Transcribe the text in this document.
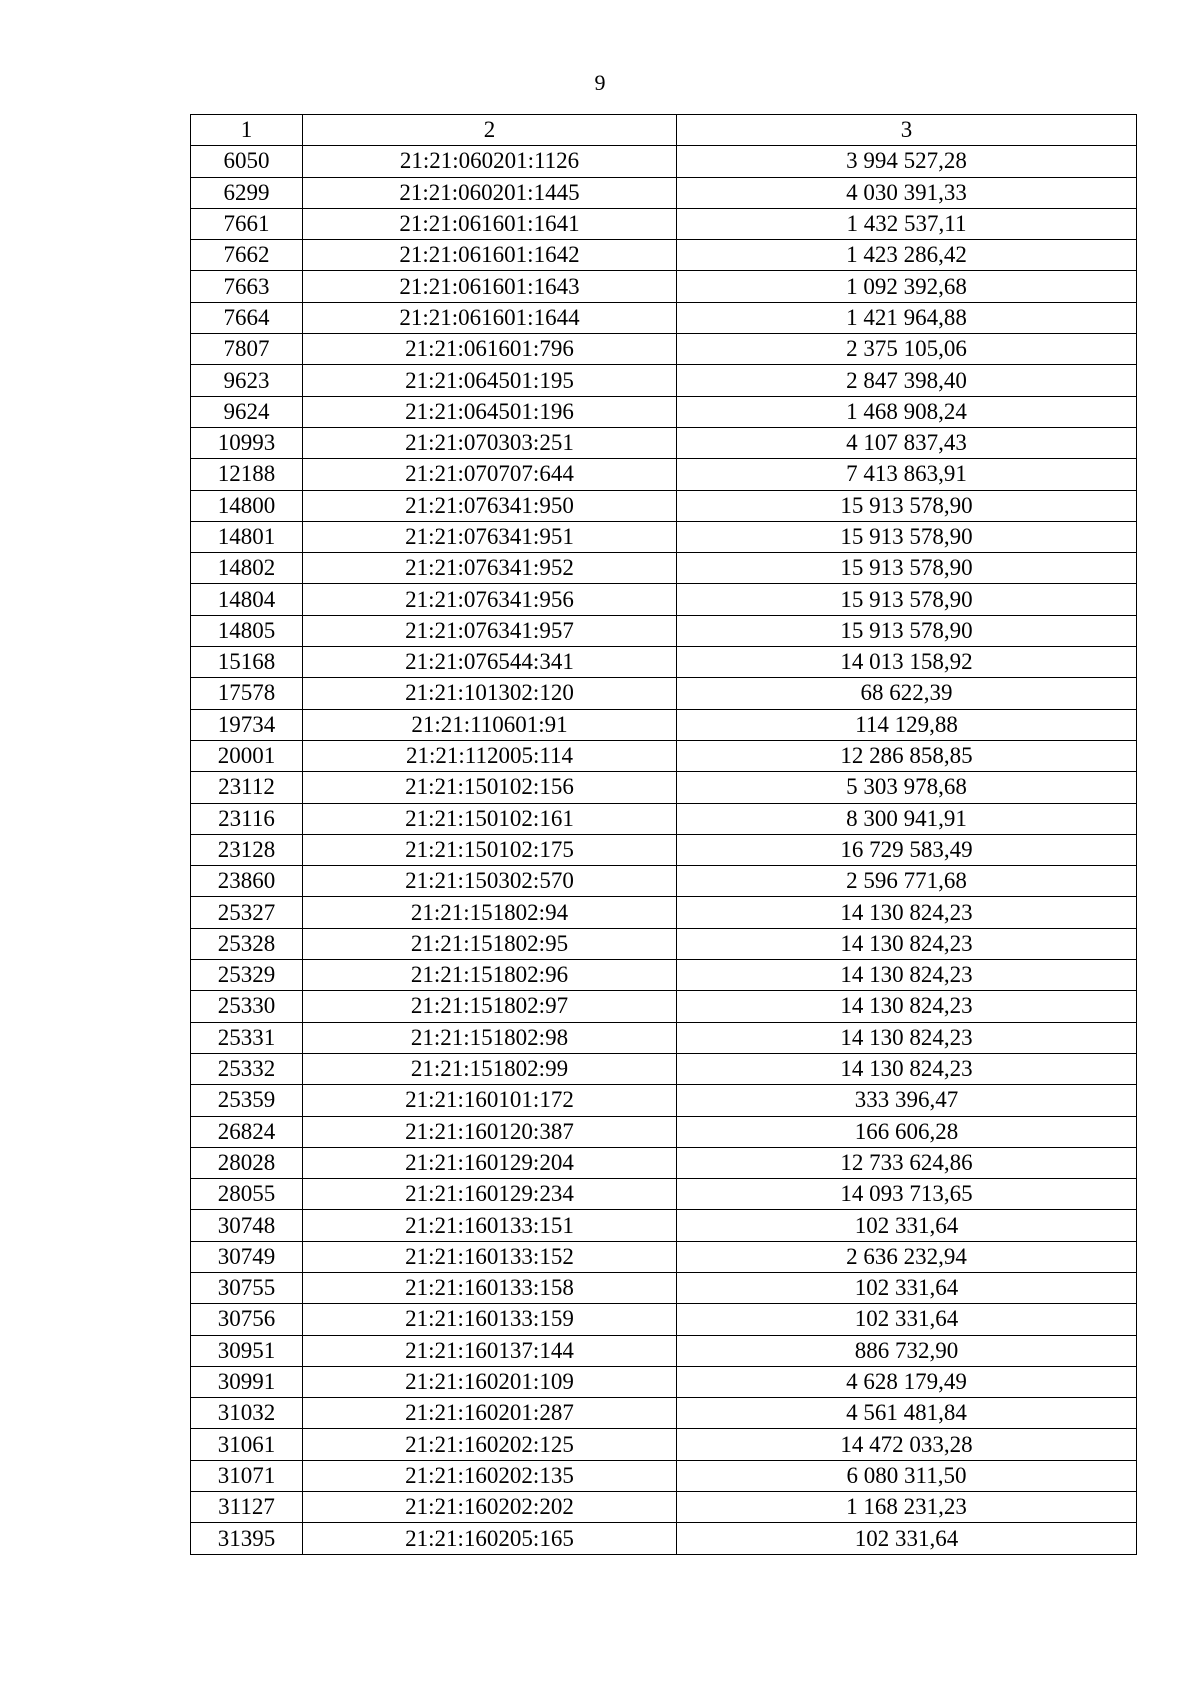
9
1	2	3
6050	21:21:060201:1126	3 994 527,28
6299	21:21:060201:1445	4 030 391,33
7661	21:21:061601:1641	1 432 537,11
7662	21:21:061601:1642	1 423 286,42
7663	21:21:061601:1643	1 092 392,68
7664	21:21:061601:1644	1 421 964,88
7807	21:21:061601:796	2 375 105,06
9623	21:21:064501:195	2 847 398,40
9624	21:21:064501:196	1 468 908,24
10993	21:21:070303:251	4 107 837,43
12188	21:21:070707:644	7 413 863,91
14800	21:21:076341:950	15 913 578,90
14801	21:21:076341:951	15 913 578,90
14802	21:21:076341:952	15 913 578,90
14804	21:21:076341:956	15 913 578,90
14805	21:21:076341:957	15 913 578,90
15168	21:21:076544:341	14 013 158,92
17578	21:21:101302:120	68 622,39
19734	21:21:110601:91	114 129,88
20001	21:21:112005:114	12 286 858,85
23112	21:21:150102:156	5 303 978,68
23116	21:21:150102:161	8 300 941,91
23128	21:21:150102:175	16 729 583,49
23860	21:21:150302:570	2 596 771,68
25327	21:21:151802:94	14 130 824,23
25328	21:21:151802:95	14 130 824,23
25329	21:21:151802:96	14 130 824,23
25330	21:21:151802:97	14 130 824,23
25331	21:21:151802:98	14 130 824,23
25332	21:21:151802:99	14 130 824,23
25359	21:21:160101:172	333 396,47
26824	21:21:160120:387	166 606,28
28028	21:21:160129:204	12 733 624,86
28055	21:21:160129:234	14 093 713,65
30748	21:21:160133:151	102 331,64
30749	21:21:160133:152	2 636 232,94
30755	21:21:160133:158	102 331,64
30756	21:21:160133:159	102 331,64
30951	21:21:160137:144	886 732,90
30991	21:21:160201:109	4 628 179,49
31032	21:21:160201:287	4 561 481,84
31061	21:21:160202:125	14 472 033,28
31071	21:21:160202:135	6 080 311,50
31127	21:21:160202:202	1 168 231,23
31395	21:21:160205:165	102 331,64
